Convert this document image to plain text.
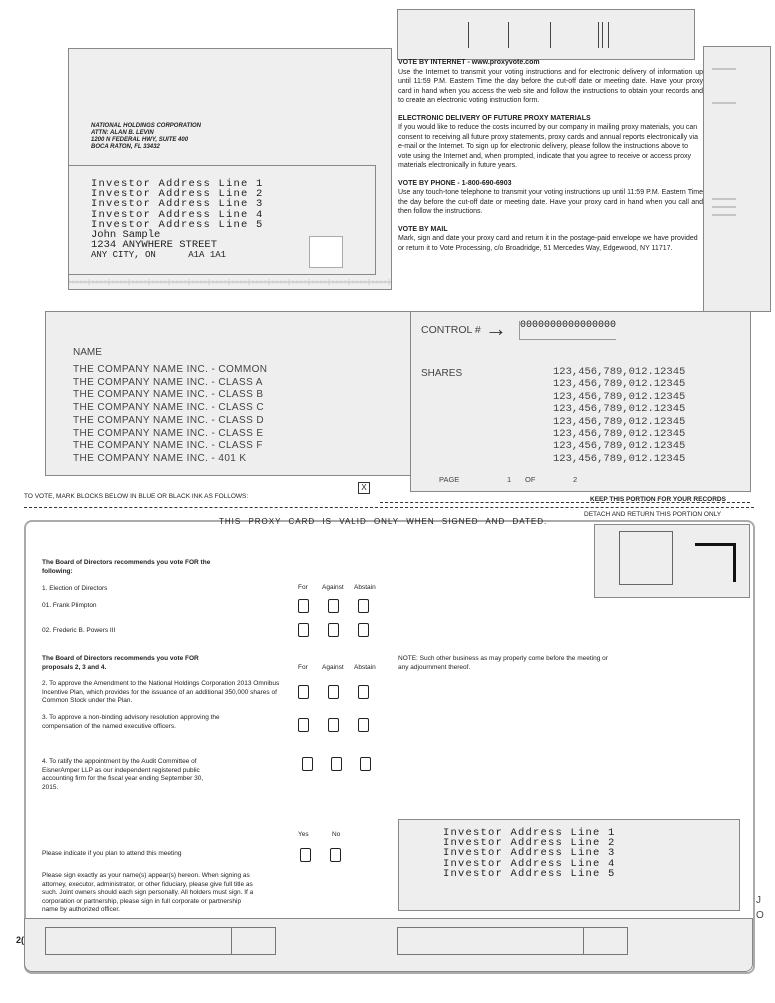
NATIONAL HOLDINGS CORPORATION
ATTN: ALAN B. LEVIN
1200 N FEDERAL HWY, SUITE 400
BOCA RATON, FL 33432
Investor Address Line 1
Investor Address Line 2
Investor Address Line 3
Investor Address Line 4
Investor Address Line 5
John Sample
1234 ANYWHERE STREET
ANY CITY, ON      A1A 1A1
VOTE BY INTERNET - www.proxyvote.com
Use the Internet to transmit your voting instructions and for electronic delivery of information up until 11:59 P.M. Eastern Time the day before the cut-off date or meeting date. Have your proxy card in hand when you access the web site and follow the instructions to obtain your records and to create an electronic voting instruction form.
ELECTRONIC DELIVERY OF FUTURE PROXY MATERIALS
If you would like to reduce the costs incurred by our company in mailing proxy materials, you can consent to receiving all future proxy statements, proxy cards and annual reports electronically via e-mail or the Internet. To sign up for electronic delivery, please follow the instructions above to vote using the Internet and, when prompted, indicate that you agree to receive or access proxy materials electronically in future years.
VOTE BY PHONE - 1-800-690-6903
Use any touch-tone telephone to transmit your voting instructions up until 11:59 P.M. Eastern Time the day before the cut-off date or meeting date. Have your proxy card in hand when you call and then follow the instructions.
VOTE BY MAIL
Mark, sign and date your proxy card and return it in the postage-paid envelope we have provided or return it to Vote Processing, c/o Broadridge, 51 Mercedes Way, Edgewood, NY 11717.
NAME
THE COMPANY NAME INC. - COMMON
THE COMPANY NAME INC. - CLASS A
THE COMPANY NAME INC. - CLASS B
THE COMPANY NAME INC. - CLASS C
THE COMPANY NAME INC. - CLASS D
THE COMPANY NAME INC. - CLASS E
THE COMPANY NAME INC. - CLASS F
THE COMPANY NAME INC. - 401 K
CONTROL # → 0000000000000000
SHARES	123,456,789,012.12345
123,456,789,012.12345
123,456,789,012.12345
123,456,789,012.12345
123,456,789,012.12345
123,456,789,012.12345
123,456,789,012.12345
123,456,789,012.12345
PAGE	1 OF	2
X
TO VOTE, MARK BLOCKS BELOW IN BLUE OR BLACK INK AS FOLLOWS:	KEEP THIS PORTION FOR YOUR RECORDS
DETACH AND RETURN THIS PORTION ONLY
THIS PROXY CARD IS VALID ONLY WHEN SIGNED AND DATED.
The Board of Directors recommends you vote FOR the following:
1. Election of Directors	For Against Abstain
01. Frank Plimpton
02. Frederic B. Powers III
The Board of Directors recommends you vote FOR proposals 2, 3 and 4.	For Against Abstain
NOTE: Such other business as may properly come before the meeting or any adjournment thereof.
2. To approve the Amendment to the National Holdings Corporation 2013 Omnibus Incentive Plan, which provides for the issuance of an additional 350,000 shares of Common Stock under the Plan.
3. To approve a non-binding advisory resolution approving the compensation of the named executive officers.
4. To ratify the appointment by the Audit Committee of EisnerAmper LLP as our independent registered public accounting firm for the fiscal year ending September 30, 2015.
Yes	No
Please indicate if you plan to attend this meeting
Please sign exactly as your name(s) appear(s) hereon. When signing as attorney, executor, administrator, or other fiduciary, please give full title as such. Joint owners should each sign personally. All holders must sign. If a corporation or partnership, please sign in full corporate or partnership name by authorized officer.
Investor Address Line 1
Investor Address Line 2
Investor Address Line 3
Investor Address Line 4
Investor Address Line 5
2(
J
O
